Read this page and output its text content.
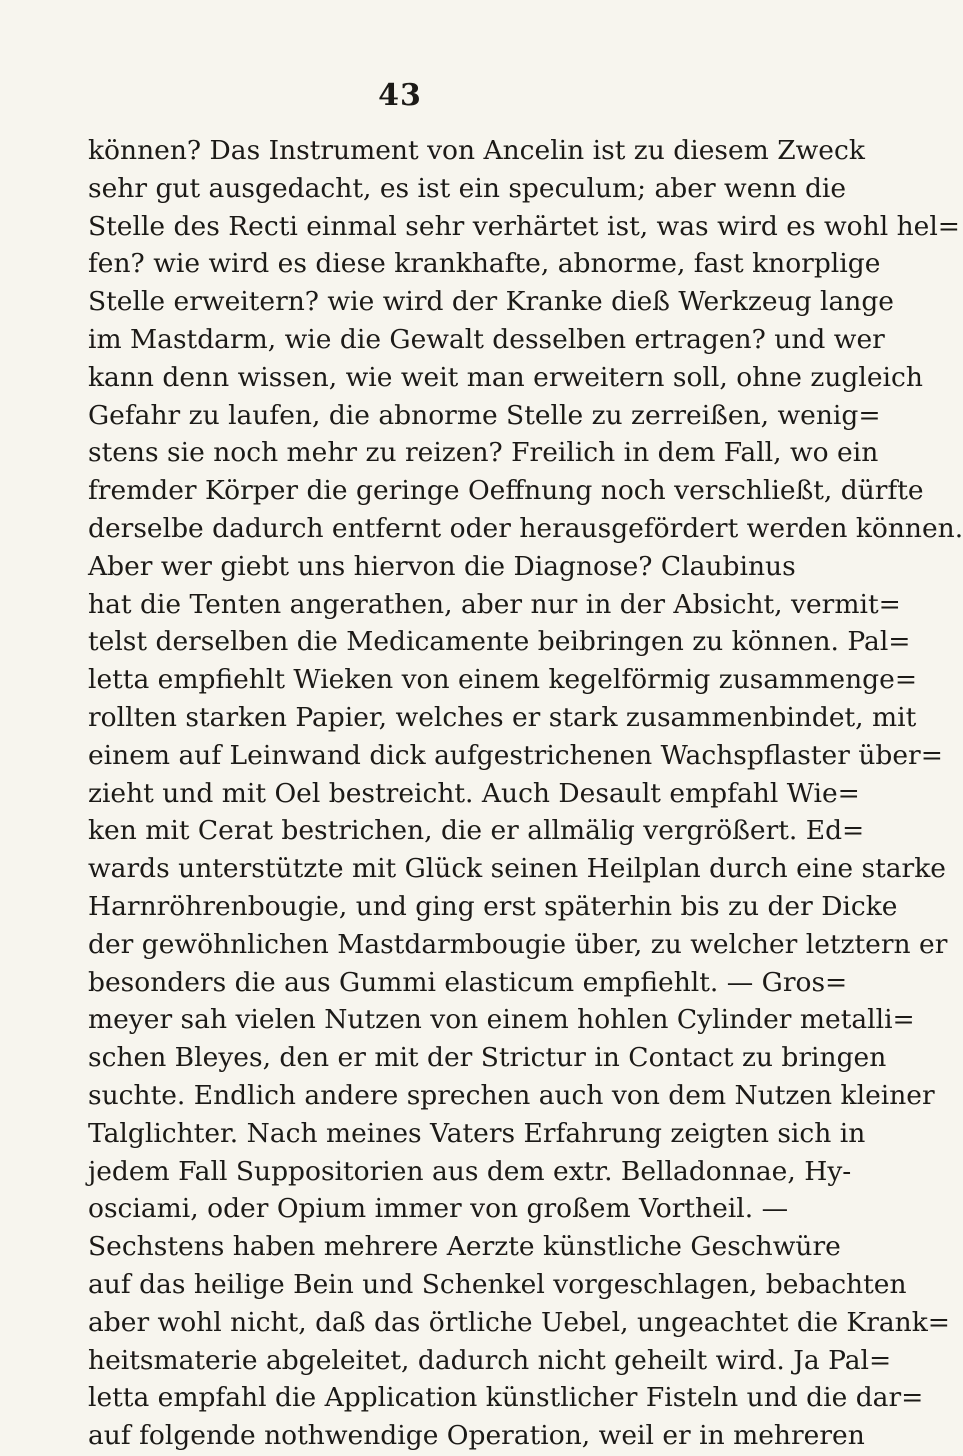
43
können? Das Instrument von Ancelin ist zu diesem Zweck
sehr gut ausgedacht, es ist ein speculum; aber wenn die
Stelle des Recti einmal sehr verhärtet ist, was wird es wohl hel=
fen? wie wird es diese krankhafte, abnorme, fast knorplige
Stelle erweitern? wie wird der Kranke dieß Werkzeug lange
im Mastdarm, wie die Gewalt desselben ertragen? und wer
kann denn wissen, wie weit man erweitern soll, ohne zugleich
Gefahr zu laufen, die abnorme Stelle zu zerreißen, wenig=
stens sie noch mehr zu reizen? Freilich in dem Fall, wo ein
fremder Körper die geringe Oeffnung noch verschließt, dürfte
derselbe dadurch entfernt oder herausgefördert werden können.
Aber wer giebt uns hiervon die Diagnose? Claubinus
hat die Tenten angerathen, aber nur in der Absicht, vermit=
telst derselben die Medicamente beibringen zu können. Pal=
letta empfiehlt Wieken von einem kegelförmig zusammenge=
rollten starken Papier, welches er stark zusammenbindet, mit
einem auf Leinwand dick aufgestrichenen Wachspflaster über=
zieht und mit Oel bestreicht. Auch Desault empfahl Wie=
ken mit Cerat bestrichen, die er allmälig vergrößert. Ed=
wards unterstützte mit Glück seinen Heilplan durch eine starke
Harnröhrenbougie, und ging erst späterhin bis zu der Dicke
der gewöhnlichen Mastdarmbougie über, zu welcher letztern er
besonders die aus Gummi elasticum empfiehlt. — Gros=
meyer sah vielen Nutzen von einem hohlen Cylinder metalli=
schen Bleyes, den er mit der Strictur in Contact zu bringen
suchte. Endlich andere sprechen auch von dem Nutzen kleiner
Talglichter. Nach meines Vaters Erfahrung zeigten sich in
jedem Fall Suppositorien aus dem extr. Belladonnae, Hy-
osciami, oder Opium immer von großem Vortheil. —
Sechstens haben mehrere Aerzte künstliche Geschwüre
auf das heilige Bein und Schenkel vorgeschlagen, bebachten
aber wohl nicht, daß das örtliche Uebel, ungeachtet die Krank=
heitsmaterie abgeleitet, dadurch nicht geheilt wird. Ja Pal=
letta empfahl die Application künstlicher Fisteln und die dar=
auf folgende nothwendige Operation, weil er in mehreren
